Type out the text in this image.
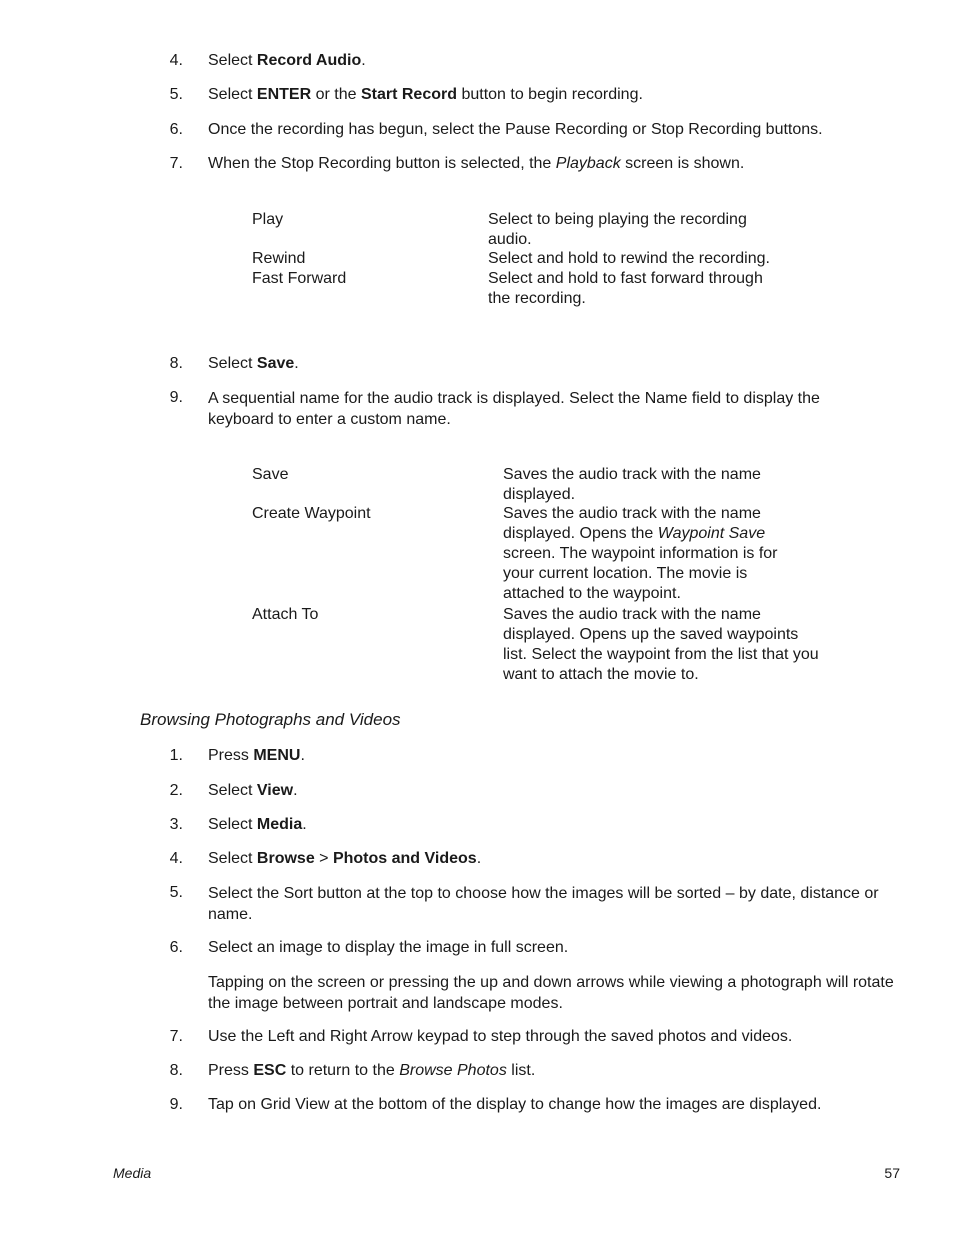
4. Select Record Audio.
5. Select ENTER or the Start Record button to begin recording.
6. Once the recording has begun, select the Pause Recording or Stop Recording buttons.
7. When the Stop Recording button is selected, the Playback screen is shown.
Play	Select to being playing the recording audio.
Rewind	Select and hold to rewind the recording.
Fast Forward	Select and hold to fast forward through the recording.
8. Select Save.
9. A sequential name for the audio track is displayed. Select the Name field to display the keyboard to enter a custom name.
Save	Saves the audio track with the name displayed.
Create Waypoint	Saves the audio track with the name displayed. Opens the Waypoint Save screen. The waypoint information is for your current location. The movie is attached to the waypoint.
Attach To	Saves the audio track with the name displayed. Opens up the saved waypoints list. Select the waypoint from the list that you want to attach the movie to.
Browsing Photographs and Videos
1. Press MENU.
2. Select View.
3. Select Media.
4. Select Browse > Photos and Videos.
5. Select the Sort button at the top to choose how the images will be sorted – by date, distance or name.
6. Select an image to display the image in full screen.
Tapping on the screen or pressing the up and down arrows while viewing a photograph will rotate the image between portrait and landscape modes.
7. Use the Left and Right Arrow keypad to step through the saved photos and videos.
8. Press ESC to return to the Browse Photos list.
9. Tap on Grid View at the bottom of the display to change how the images are displayed.
Media	57
